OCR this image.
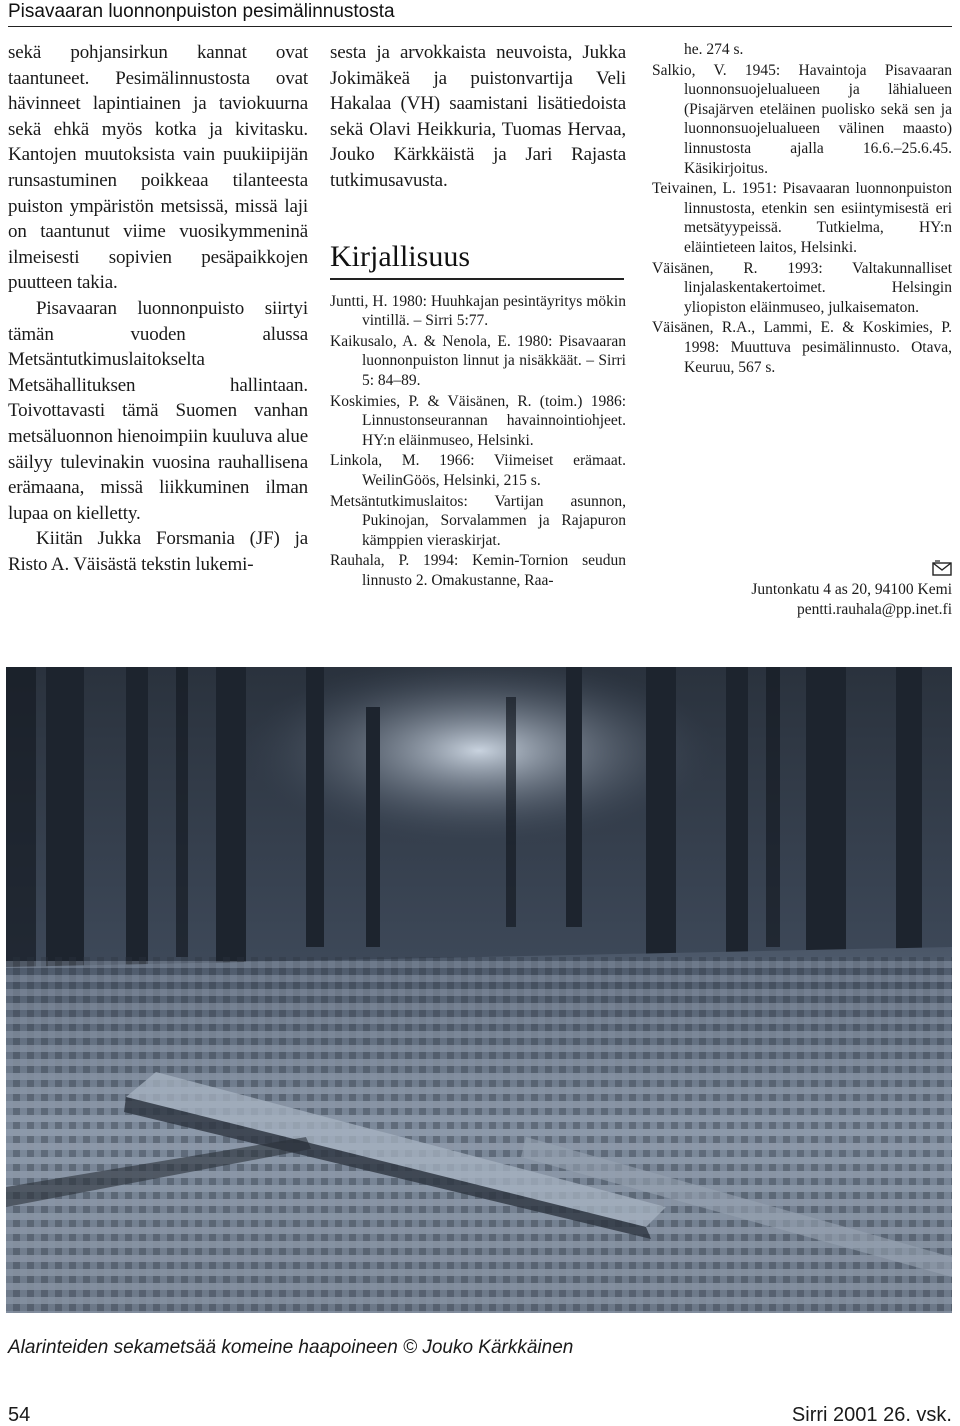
Pisavaaran luonnonpuiston pesimälinnustosta

sekä pohjansirkun kannat ovat taantuneet. Pesimälinnustosta ovat hävinneet lapintiainen ja taviokuurna sekä ehkä myös kotka ja kivitasku. Kantojen muutoksista vain puukiipijän runsastuminen poikkeaa tilanteesta puiston ympäristön metsissä, missä laji on taantunut viime vuosikymmeninä ilmeisesti sopivien pesäpaikkojen puutteen takia.

Pisavaaran luonnonpuisto siirtyi tämän vuoden alussa Metsäntutkimuslaitokselta Metsähallituksen hallintaan. Toivottavasti tämä Suomen vanhan metsäluonnon hienoimpiin kuuluva alue säilyy tulevinakin vuosina rauhallisena erämaana, missä liikkuminen ilman lupaa on kielletty.

Kiitän Jukka Forsmania (JF) ja Risto A. Väisästä tekstin lukemi-

sesta ja arvokkaista neuvoista, Jukka Jokimäkeä ja puistonvartija Veli Hakalaa (VH) saamistani lisätiedoista sekä Olavi Heikkuria, Tuomas Hervaa, Jouko Kärkkäistä ja Jari Rajasta tutkimusavusta.

Kirjallisuus

Juntti, H. 1980: Huuhkajan pesintäyritys mökin vintillä. – Sirri 5:77.

Kaikusalo, A. & Nenola, E. 1980: Pisavaaran luonnonpuiston linnut ja nisäkkäät. – Sirri 5: 84–89.

Koskimies, P. & Väisänen, R. (toim.) 1986: Linnustonseurannan havainnointiohjeet. HY:n eläinmuseo, Helsinki.

Linkola, M. 1966: Viimeiset erämaat. WeilinGöös, Helsinki, 215 s.

Metsäntutkimuslaitos: Vartijan asunnon, Pukinojan, Sorvalammen ja Rajapuron kämppien vieraskirjat.

Rauhala, P. 1994: Kemin-Tornion seudun linnusto 2. Omakustanne, Raa-

he. 274 s.

Salkio, V. 1945: Havaintoja Pisavaaran luonnonsuojelualueen ja lähialueen (Pisajärven eteläinen puolisko sekä sen ja luonnonsuojelualueen välinen maasto) linnustosta ajalla 16.6.–25.6.45. Käsikirjoitus.

Teivainen, L. 1951: Pisavaaran luonnonpuiston linnustosta, etenkin sen esiintymisestä eri metsätyypeissä. Tutkielma, HY:n eläintieteen laitos, Helsinki.

Väisänen, R. 1993: Valtakunnalliset linjalaskentakertoimet. Helsingin yliopiston eläinmuseo, julkaisematon.

Väisänen, R.A., Lammi, E. & Koskimies, P. 1998: Muuttuva pesimälinnusto. Otava, Keuruu, 567 s.

Juntonkatu 4 as 20, 94100 Kemi
pentti.rauhala@pp.inet.fi
Alarinteiden sekametsää komeine haapoineen © Jouko Kärkkäinen
54	Sirri 2001 26. vsk.
